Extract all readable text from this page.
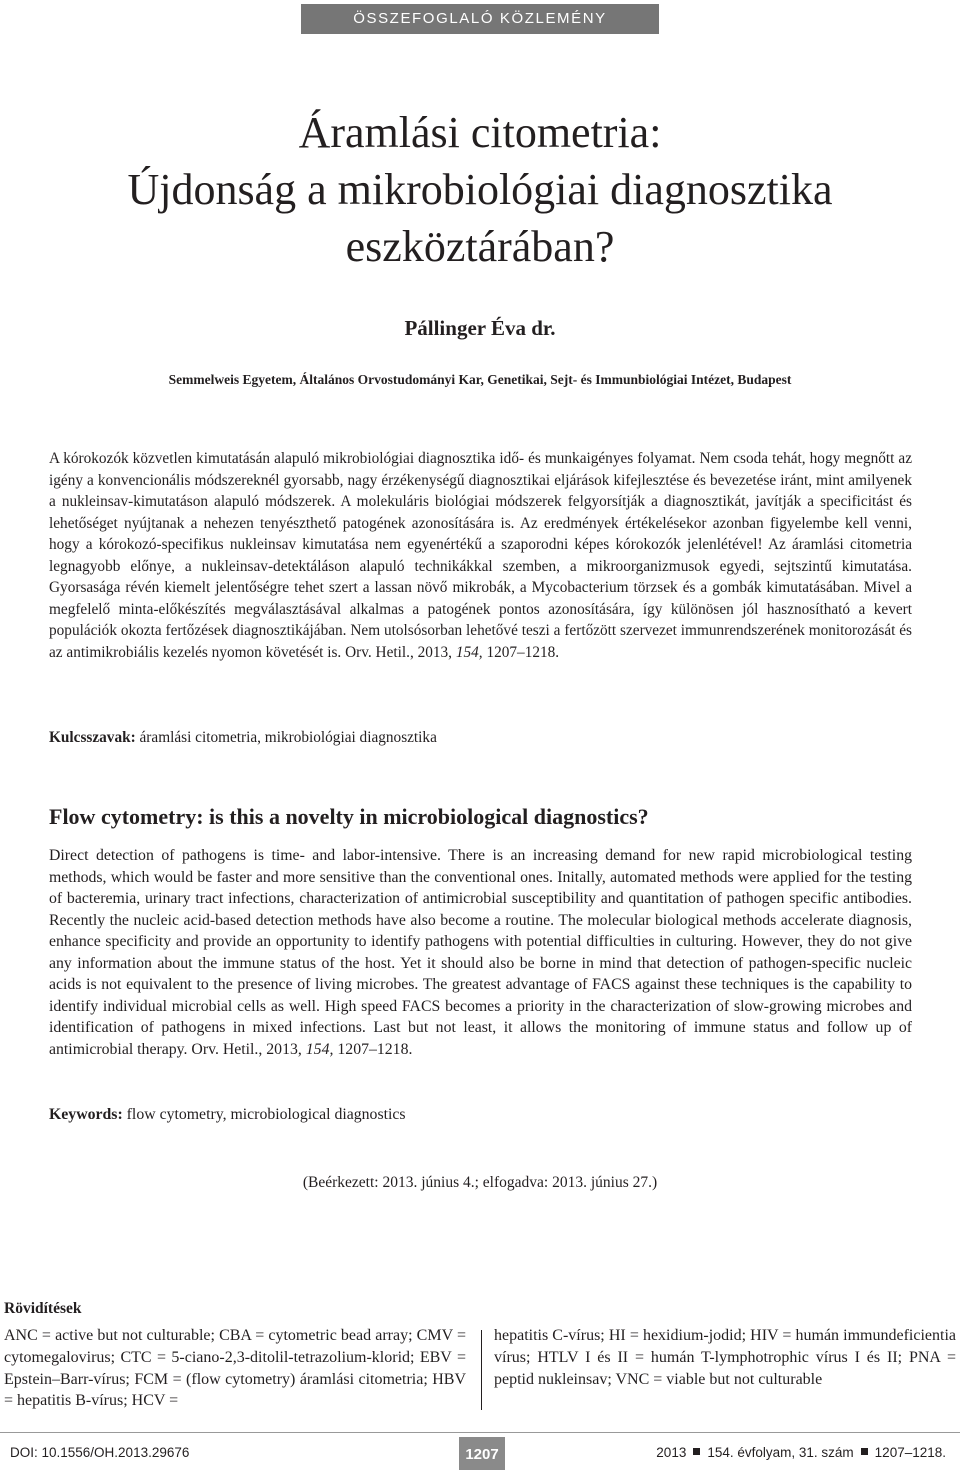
ÖSSZEFOGLALÓ KÖZLEMÉNY
Áramlási citometria:
Újdonság a mikrobiológiai diagnosztika
eszköztárában?
Pállinger Éva dr.
Semmelweis Egyetem, Általános Orvostudományi Kar, Genetikai, Sejt- és Immunbiológiai Intézet, Budapest

A kórokozók közvetlen kimutatásán alapuló mikrobiológiai diagnosztika idő- és munkaigényes folyamat. Nem csoda tehát, hogy megnőtt az igény a konvencionális módszereknél gyorsabb, nagy érzékenységű diagnosztikai eljárások kifejlesztése és bevezetése iránt, mint amilyenek a nukleinsav-kimutatáson alapuló módszerek. A molekuláris biológiai módszerek felgyorsítják a diagnosztikát, javítják a specificitást és lehetőséget nyújtanak a nehezen tenyészthető patogének azonosítására is. Az eredmények értékelésekor azonban figyelembe kell venni, hogy a kórokozó-specifikus nukleinsav kimutatása nem egyenértékű a szaporodni képes kórokozók jelenlétével! Az áramlási citometria legnagyobb előnye, a nukleinsav-detektáláson alapuló technikákkal szemben, a mikroorganizmusok egyedi, sejtszintű kimutatása. Gyorsasága révén kiemelt jelentőségre tehet szert a lassan növő mikrobák, a Mycobacterium törzsek és a gombák kimutatásában. Mivel a megfelelő minta-előkészítés megválasztásával alkalmas a patogének pontos azonosítására, így különösen jól hasznosítható a kevert populációk okozta fertőzések diagnosztikájában. Nem utolsósorban lehetővé teszi a fertőzött szervezet immunrendszerének monitorozását és az antimikrobiális kezelés nyomon követését is. Orv. Hetil., 2013, 154, 1207–1218.

Kulcsszavak: áramlási citometria, mikrobiológiai diagnosztika
Flow cytometry: is this a novelty in microbiological diagnostics?

Direct detection of pathogens is time- and labor-intensive. There is an increasing demand for new rapid microbiological testing methods, which would be faster and more sensitive than the conventional ones. Initally, automated methods were applied for the testing of bacteremia, urinary tract infections, characterization of antimicrobial susceptibility and quantitation of pathogen specific antibodies. Recently the nucleic acid-based detection methods have also become a routine. The molecular biological methods accelerate diagnosis, enhance specificity and provide an opportunity to identify pathogens with potential difficulties in culturing. However, they do not give any information about the immune status of the host. Yet it should also be borne in mind that detection of pathogen-specific nucleic acids is not equivalent to the presence of living microbes. The greatest advantage of FACS against these techniques is the capability to identify individual microbial cells as well. High speed FACS becomes a priority in the characterization of slow-growing microbes and identification of pathogens in mixed infections. Last but not least, it allows the monitoring of immune status and follow up of antimicrobial therapy. Orv. Hetil., 2013, 154, 1207–1218.

Keywords: flow cytometry, microbiological diagnostics
(Beérkezett: 2013. június 4.; elfogadva: 2013. június 27.)
Rövidítések

ANC = active but not culturable; CBA = cytometric bead array; CMV = cytomegalovirus; CTC = 5-ciano-2,3-ditolil-tetrazolium-klorid; EBV = Epstein–Barr-vírus; FCM = (flow cytometry) áramlási citometria; HBV = hepatitis B-vírus; HCV =

hepatitis C-vírus; HI = hexidium-jodid; HIV = humán immundeficientia vírus; HTLV I és II = humán T-lymphotrophic vírus I és II; PNA = peptid nukleinsav; VNC = viable but not culturable

DOI: 10.1556/OH.2013.29676	1207	2013 154. évfolyam, 31. szám 1207–1218.
